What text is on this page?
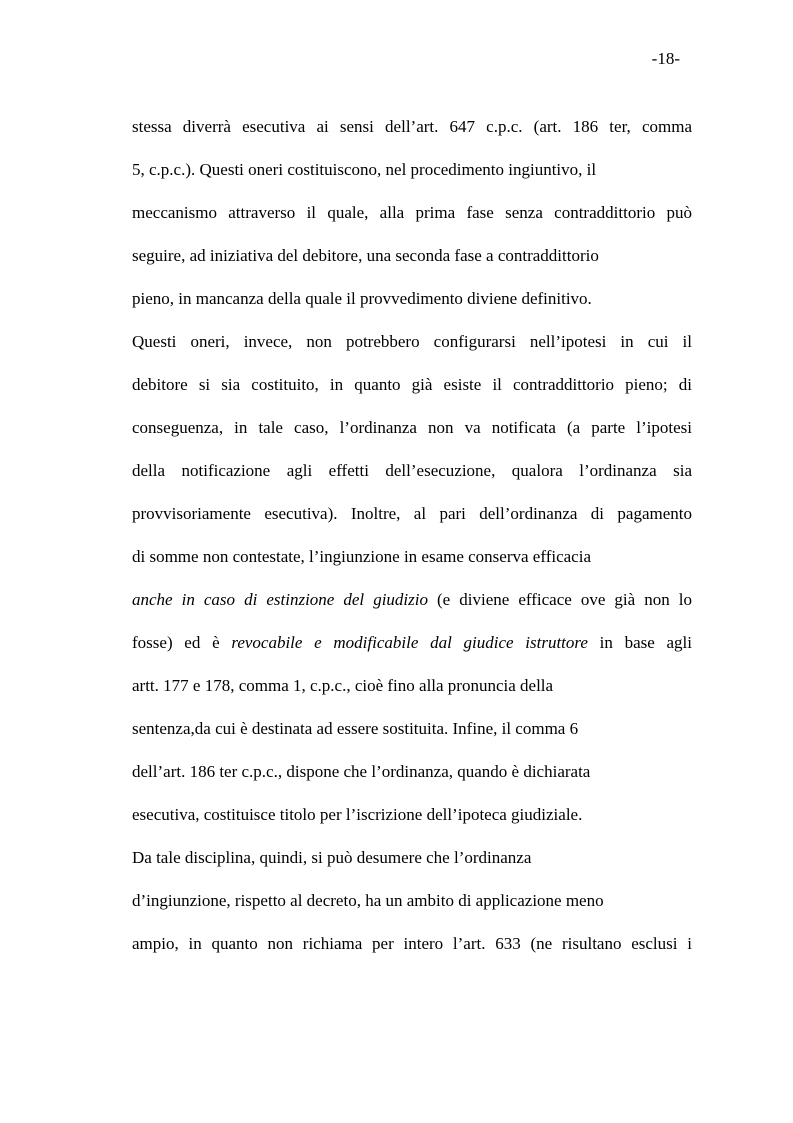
-18-
stessa diverrà esecutiva ai sensi dell’art. 647 c.p.c. (art. 186 ter, comma
5, c.p.c.). Questi oneri costituiscono, nel procedimento ingiuntivo, il
meccanismo attraverso il quale, alla prima fase senza contraddittorio può
seguire, ad iniziativa del debitore, una seconda fase a contraddittorio
pieno, in mancanza della quale il provvedimento diviene definitivo.
Questi oneri, invece, non potrebbero configurarsi nell’ipotesi in cui il
debitore si sia costituito, in quanto già esiste il contraddittorio pieno; di
conseguenza, in tale caso, l’ordinanza non va notificata (a parte l’ipotesi
della notificazione agli effetti dell’esecuzione, qualora l’ordinanza sia
provvisoriamente esecutiva). Inoltre, al pari dell’ordinanza di pagamento
di somme non contestate, l’ingiunzione in esame conserva efficacia
anche in caso di estinzione del giudizio (e diviene efficace ove già non lo
fosse) ed è revocabile e modificabile dal giudice istruttore in base agli
artt. 177 e 178, comma 1, c.p.c., cioè fino alla pronuncia della
sentenza,da cui è destinata ad essere sostituita. Infine, il comma 6
dell’art. 186 ter c.p.c., dispone che l’ordinanza, quando è dichiarata
esecutiva, costituisce titolo per l’iscrizione dell’ipoteca giudiziale.
Da tale disciplina, quindi, si può desumere che l’ordinanza
d’ingiunzione, rispetto al decreto, ha un ambito di applicazione meno
ampio, in quanto non richiama per intero l’art. 633 (ne risultano esclusi i
